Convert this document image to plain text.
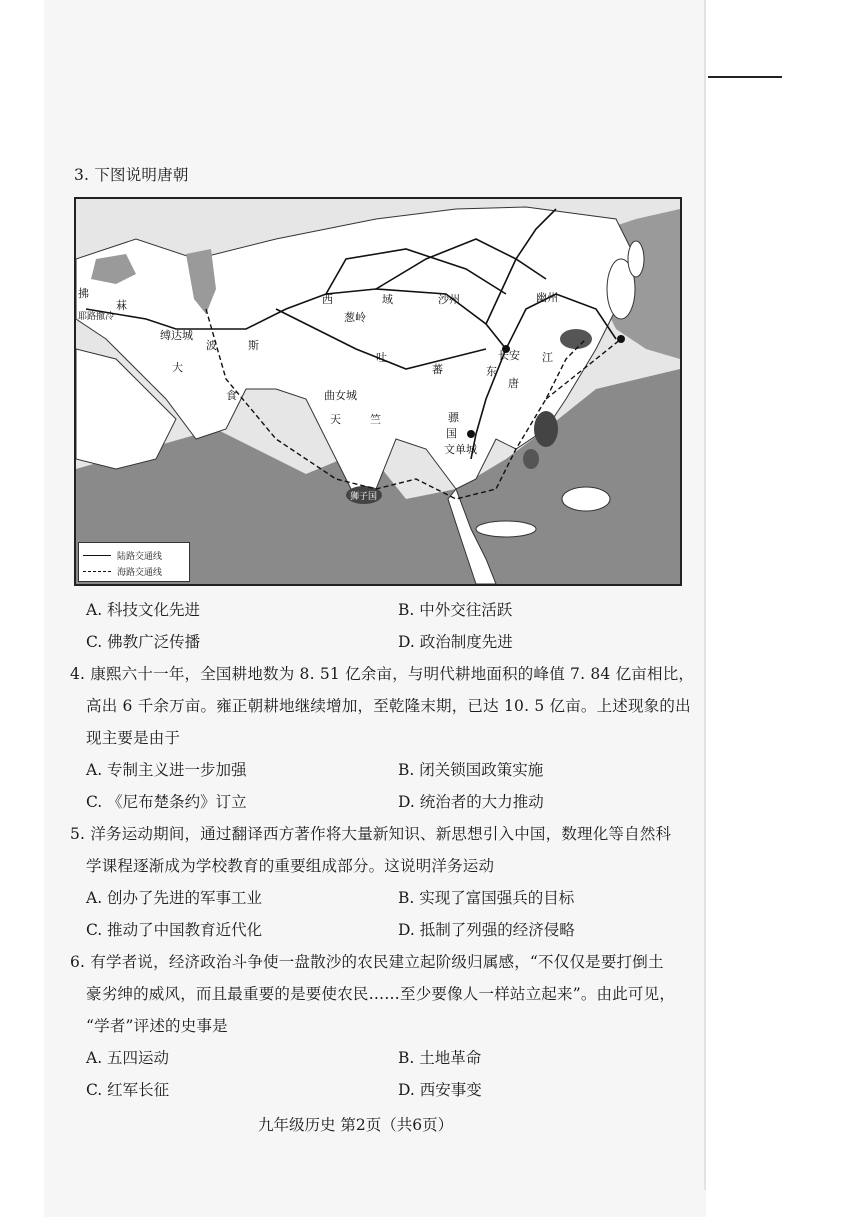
3. 下图说明唐朝
拂
菻
耶路撒冷
缚达城
大
食
波	斯
西	域
葱岭
沙州	幽州
吐
蕃
长安
东
唐
江
曲女城
天	竺	骠
国
文单城
狮子国
陆路交通线
海路交通线
A. 科技文化先进	B. 中外交往活跃
C. 佛教广泛传播	D. 政治制度先进
4. 康熙六十一年，全国耕地数为 8. 51 亿余亩，与明代耕地面积的峰值 7. 84 亿亩相比，
高出 6 千余万亩。雍正朝耕地继续增加，至乾隆末期，已达 10. 5 亿亩。上述现象的出
现主要是由于
A. 专制主义进一步加强	B. 闭关锁国政策实施
C. 《尼布楚条约》订立	D. 统治者的大力推动
5. 洋务运动期间，通过翻译西方著作将大量新知识、新思想引入中国，数理化等自然科
学课程逐渐成为学校教育的重要组成部分。这说明洋务运动
A. 创办了先进的军事工业	B. 实现了富国强兵的目标
C. 推动了中国教育近代化	D. 抵制了列强的经济侵略
6. 有学者说，经济政治斗争使一盘散沙的农民建立起阶级归属感，“不仅仅是要打倒土
豪劣绅的威风，而且最重要的是要使农民……至少要像人一样站立起来”。由此可见，
“学者”评述的史事是
A. 五四运动	B. 土地革命
C. 红军长征	D. 西安事变
九年级历史 第2页（共6页）
